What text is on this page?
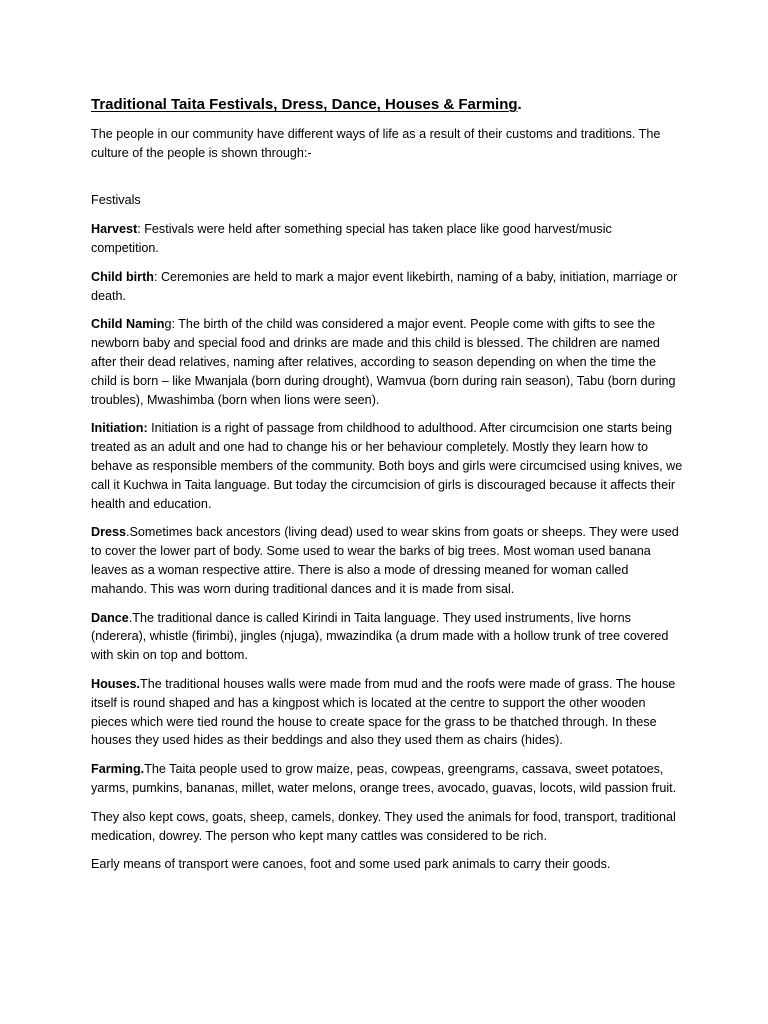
Traditional Taita Festivals, Dress, Dance, Houses & Farming.

The people in our community have different ways of life as a result of their customs and traditions. The culture of the people is shown through:-

Festivals

Harvest: Festivals were held after something special has taken place like good harvest/music competition.

Child birth: Ceremonies are held to mark a major event likebirth, naming of a baby, initiation, marriage or death.

Child Naming: The birth of the child was considered a major event. People come with gifts to see the newborn baby and special food and drinks are made and this child is blessed. The children are named after their dead relatives, naming after relatives, according to season depending on when the time the child is born – like Mwanjala (born during drought), Wamvua (born during rain season), Tabu (born during troubles), Mwashimba (born when lions were seen).

Initiation: Initiation is a right of passage from childhood to adulthood. After circumcision one starts being treated as an adult and one had to change his or her behaviour completely. Mostly they learn how to behave as responsible members of the community. Both boys and girls were circumcised using knives, we call it Kuchwa in Taita language. But today the circumcision of girls is discouraged because it affects their health and education.

Dress.Sometimes back ancestors (living dead) used to wear skins from goats or sheeps. They were used to cover the lower part of body. Some used to wear the barks of big trees. Most woman used banana leaves as a woman respective attire. There is also a mode of dressing meaned for woman called mahando. This was worn during traditional dances and it is made from sisal.

Dance.The traditional dance is called Kirindi in Taita language. They used instruments, live horns (nderera), whistle (firimbi), jingles (njuga), mwazindika (a drum made with a hollow trunk of tree covered with skin on top and bottom.

Houses.The traditional houses walls were made from mud and the roofs were made of grass. The house itself is round shaped and has a kingpost which is located at the centre to support the other wooden pieces which were tied round the house to create space for the grass to be thatched through. In these houses they used hides as their beddings and also they used them as chairs (hides).

Farming.The Taita people used to grow maize, peas, cowpeas, greengrams, cassava, sweet potatoes, yarms, pumkins, bananas, millet, water melons, orange trees, avocado, guavas, locots, wild passion fruit.

They also kept cows, goats, sheep, camels, donkey. They used the animals for food, transport, traditional medication, dowrey. The person who kept many cattles was considered to be rich.

Early means of transport were canoes, foot and some used park animals to carry their goods.
